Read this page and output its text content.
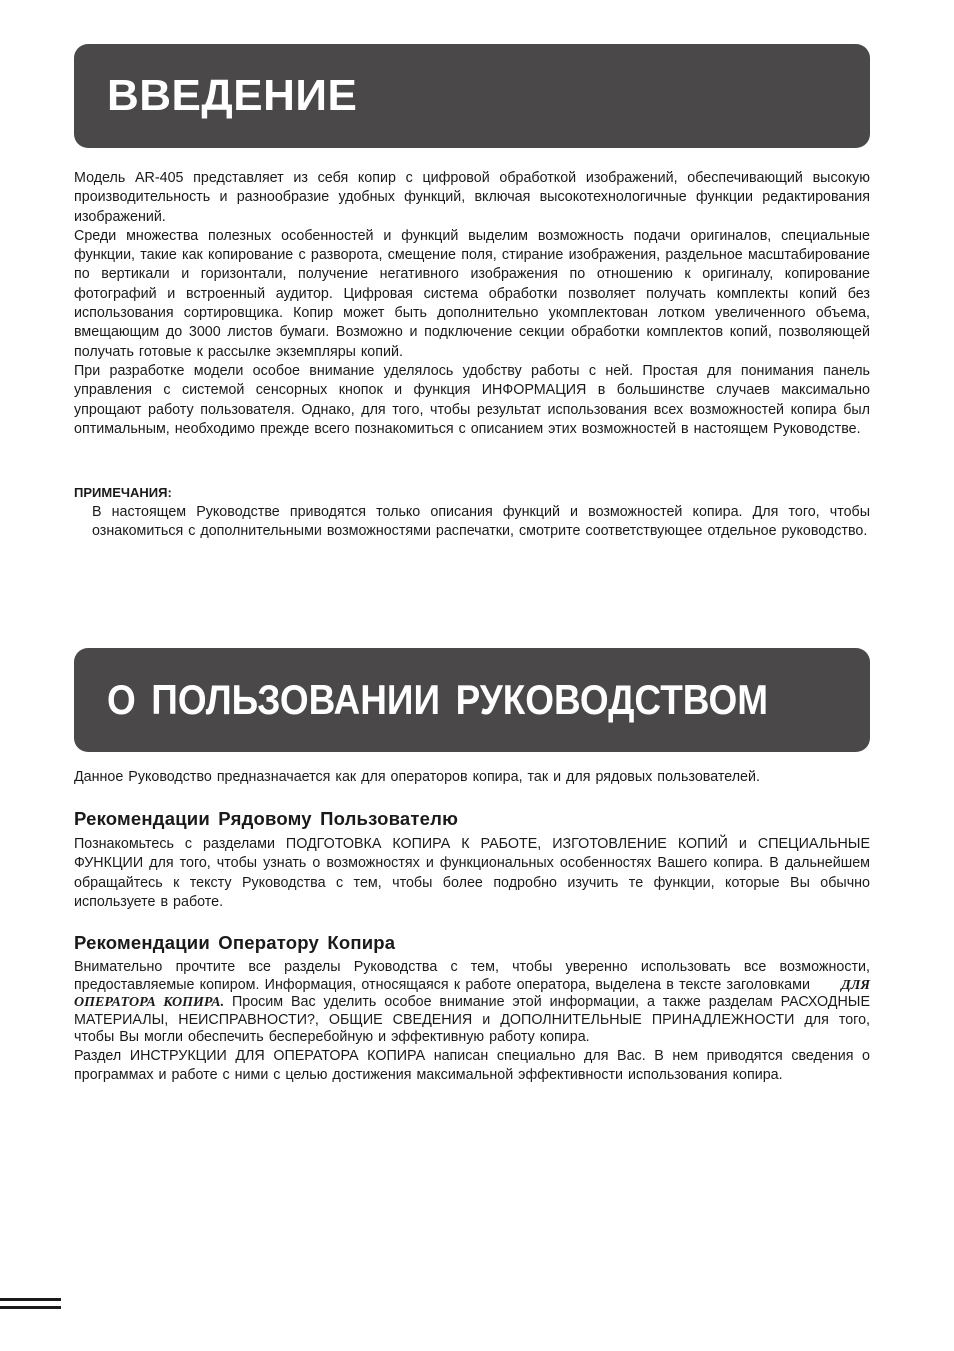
ВВЕДЕНИЕ

Модель AR-405 представляет из себя копир с цифровой обработкой изображений, обеспечивающий высокую производительность и разнообразие удобных функций, включая высокотехнологичные функции редактирования изображений.

Среди множества полезных особенностей и функций выделим возможность подачи оригиналов, специальные функции, такие как копирование с разворота, смещение поля, стирание изображения, раздельное масштабирование по вертикали и горизонтали, получение негативного изображения по отношению к оригиналу, копирование фотографий и встроенный аудитор. Цифровая система обработки позволяет получать комплекты копий без использования сортировщика. Копир может быть дополнительно укомплектован лотком увеличенного объема, вмещающим до 3000 листов бумаги. Возможно и подключение секции обработки комплектов копий, позволяющей получать готовые к рассылке экземпляры копий.

При разработке модели особое внимание уделялось удобству работы с ней. Простая для понимания панель управления с системой сенсорных кнопок и функция ИНФОРМАЦИЯ в большинстве случаев максимально упрощают работу пользователя. Однако, для того, чтобы результат использования всех возможностей копира был оптимальным, необходимо прежде всего познакомиться с описанием этих возможностей в настоящем Руководстве.

ПРИМЕЧАНИЯ:

В настоящем Руководстве приводятся только описания функций и возможностей копира. Для того, чтобы ознакомиться с дополнительными возможностями распечатки, смотрите соответствующее отдельное руководство.

О ПОЛЬЗОВАНИИ РУКОВОДСТВОМ

Данное Руководство предназначается как для операторов копира, так и для рядовых пользователей.

Рекомендации Рядовому Пользователю

Познакомьтесь с разделами ПОДГОТОВКА КОПИРА К РАБОТЕ, ИЗГОТОВЛЕНИЕ КОПИЙ и СПЕЦИАЛЬНЫЕ ФУНКЦИИ для того, чтобы узнать о возможностях и функциональных особенностях Вашего копира. В дальнейшем обращайтесь к тексту Руководства с тем, чтобы более подробно изучить те функции, которые Вы обычно используете в работе.

Рекомендации Оператору Копира

Внимательно прочтите все разделы Руководства с тем, чтобы уверенно использовать все возможности, предоставляемые копиром. Информация, относящаяся к работе оператора, выделена в тексте заголовками ДЛЯ ОПЕРАТОРА КОПИРА. Просим Вас уделить особое внимание этой информации, а также разделам РАСХОДНЫЕ МАТЕРИАЛЫ, НЕИСПРАВНОСТИ?, ОБЩИЕ СВЕДЕНИЯ и ДОПОЛНИТЕЛЬНЫЕ ПРИНАДЛЕЖНОСТИ для того, чтобы Вы могли обеспечить бесперебойную и эффективную работу копира.

Раздел ИНСТРУКЦИИ ДЛЯ ОПЕРАТОРА КОПИРА написан специально для Вас. В нем приводятся сведения о программах и работе с ними с целью достижения максимальной эффективности использования копира.
